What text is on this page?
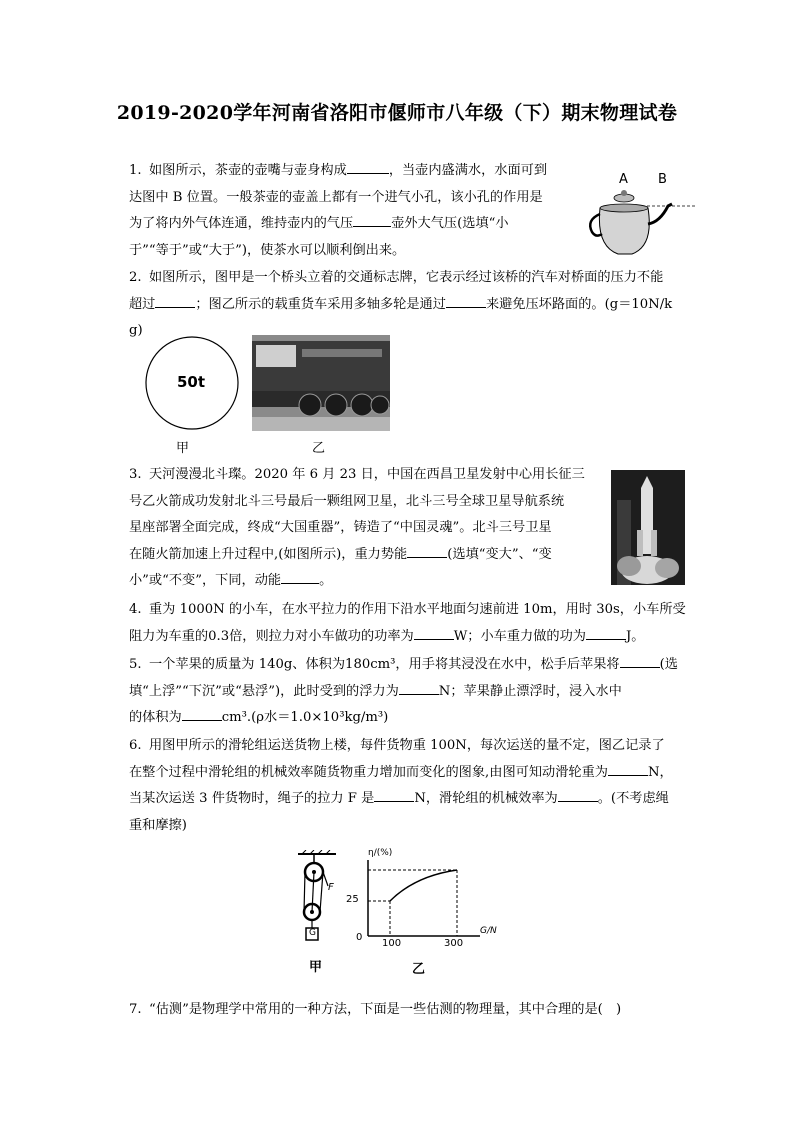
2019-2020学年河南省洛阳市偃师市八年级（下）期末物理试卷

1. 如图所示，茶壶的壶嘴与壶身构成	，当壶内盛满水，水面可到

达图中 B 位置。一般茶壶的壶盖上都有一个进气小孔，该小孔的作用是

为了将内外气体连通，维持壶内的气压	壶外大气压(选填“小

于”“等于”或“大于”)，使茶水可以顺利倒出来。

A B

2. 如图所示，图甲是一个桥头立着的交通标志牌，它表示经过该桥的汽车对桥面的压力不能

超过	；图乙所示的载重货车采用多轴多轮是通过	来避免压坏路面的。(g＝10N/k

g)

50t
甲	乙

3. 天河漫漫北斗璨。2020 年 6 月 23 日，中国在西昌卫星发射中心用长征三

号乙火箭成功发射北斗三号最后一颗组网卫星，北斗三号全球卫星导航系统

星座部署全面完成，终成“大国重器”，铸造了“中国灵魂”。北斗三号卫星

在随火箭加速上升过程中,(如图所示)，重力势能	(选填“变大”、“变

小”或“不变”，下同，动能	。

4. 重为 1000N 的小车，在水平拉力的作用下沿水平地面匀速前进 10m，用时 30s，小车所受

阻力为车重的0.3倍，则拉力对小车做功的功率为	W；小车重力做的功为	J。

5. 一个苹果的质量为 140g、体积为180cm³，用手将其浸没在水中，松手后苹果将	(选

填“上浮”“下沉”或“悬浮”)，此时受到的浮力为	N；苹果静止漂浮时，浸入水中

的体积为	cm³.(ρ水＝1.0×10³kg/m³)

6. 用图甲所示的滑轮组运送货物上楼，每件货物重 100N，每次运送的量不定，图乙记录了

在整个过程中滑轮组的机械效率随货物重力增加而变化的图象,由图可知动滑轮重为	N，

当某次运送 3 件货物时，绳子的拉力 F 是	N，滑轮组的机械效率为	。(不考虑绳

重和摩擦)

F
G
甲
η/(%)
G/N
25
0
100	300
乙

7. “估测”是物理学中常用的一种方法，下面是一些估测的物理量，其中合理的是(　)
